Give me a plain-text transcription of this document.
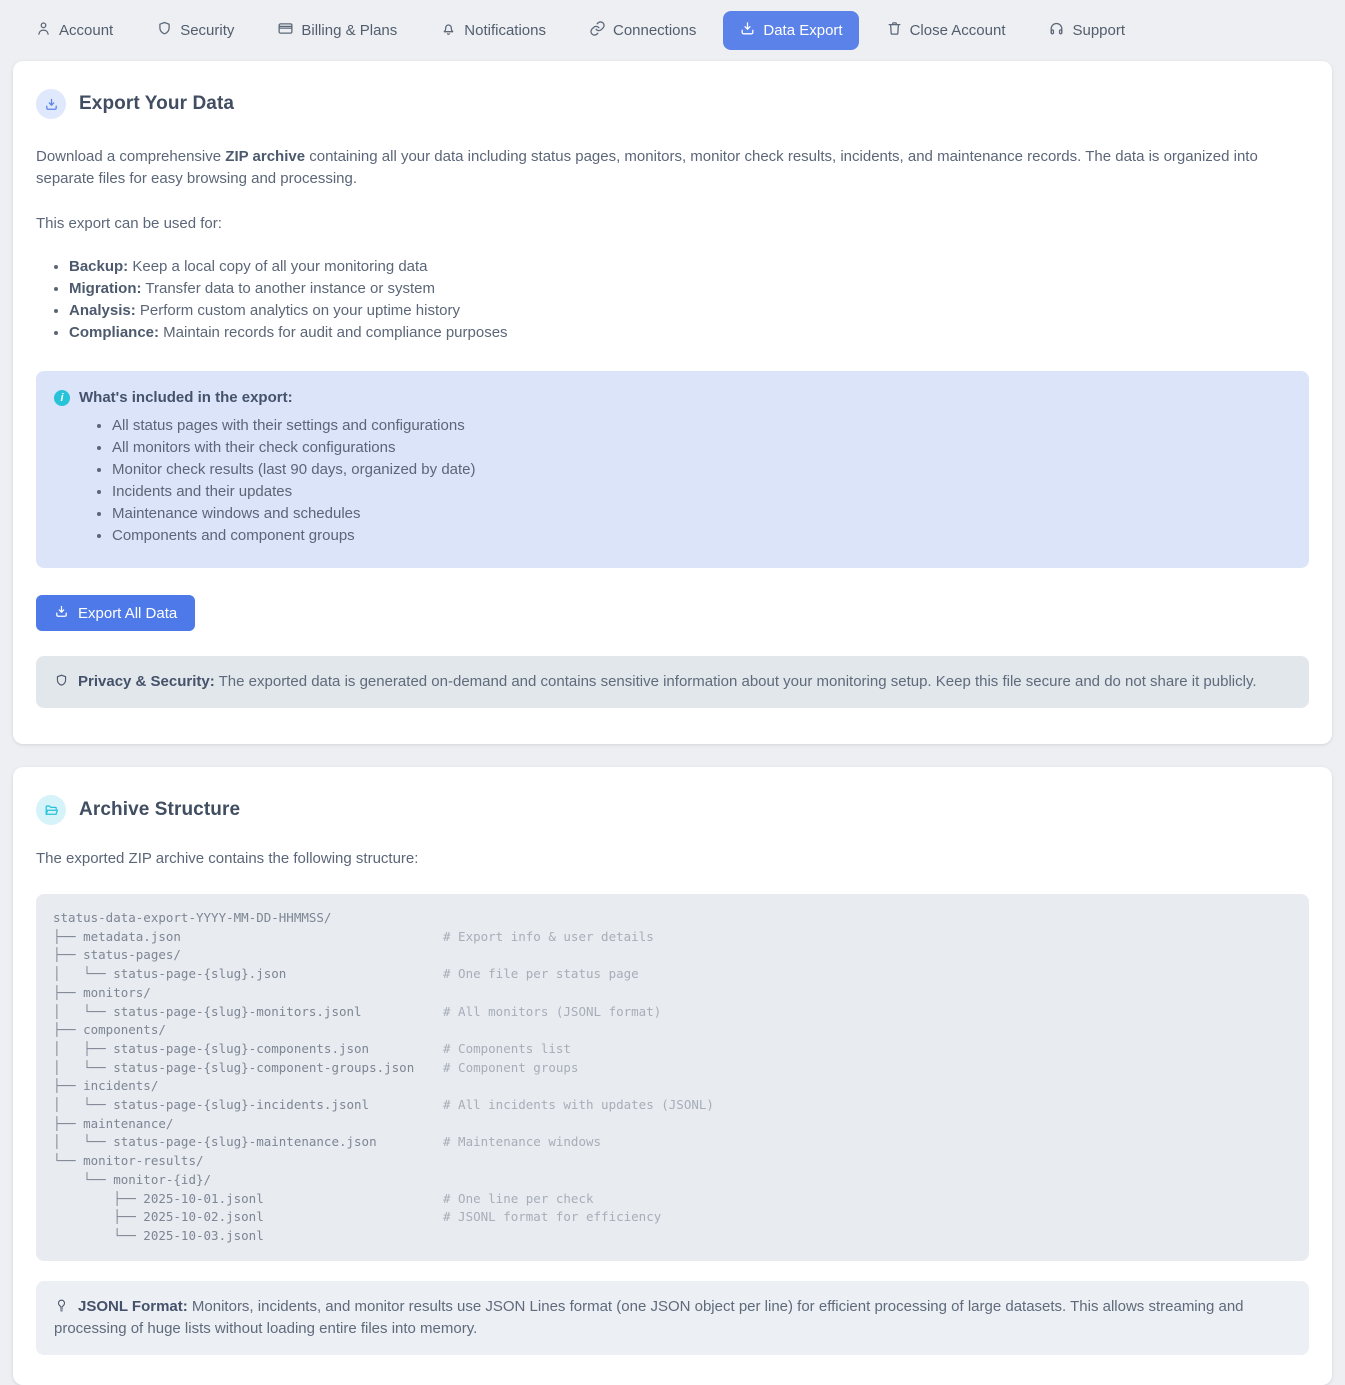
Account	Security	Billing & Plans	Notifications	Connections	Data Export	Close Account	Support
Export Your Data

Download a comprehensive ZIP archive containing all your data including status pages, monitors, monitor check results, incidents, and maintenance records. The data is organized into separate files for easy browsing and processing.

This export can be used for:

• Backup: Keep a local copy of all your monitoring data
• Migration: Transfer data to another instance or system
• Analysis: Perform custom analytics on your uptime history
• Compliance: Maintain records for audit and compliance purposes
i	What's included in the export:
• All status pages with their settings and configurations
• All monitors with their check configurations
• Monitor check results (last 90 days, organized by date)
• Incidents and their updates
• Maintenance windows and schedules
• Components and component groups
Export All Data
Privacy & Security: The exported data is generated on-demand and contains sensitive information about your monitoring setup. Keep this file secure and do not share it publicly.
Archive Structure

The exported ZIP archive contains the following structure:

status-data-export-YYYY-MM-DD-HHMMSS/
├── metadata.json	# Export info & user details
├── status-pages/
│   └── status-page-{slug}.json	# One file per status page
├── monitors/
│   └── status-page-{slug}-monitors.jsonl	# All monitors (JSONL format)
├── components/
│   ├── status-page-{slug}-components.json	# Components list
│   └── status-page-{slug}-component-groups.json # Component groups
├── incidents/
│   └── status-page-{slug}-incidents.jsonl	# All incidents with updates (JSONL)
├── maintenance/
│   └── status-page-{slug}-maintenance.json	# Maintenance windows
└── monitor-results/
└── monitor-{id}/
├── 2025-10-01.jsonl	# One line per check
├── 2025-10-02.jsonl	# JSONL format for efficiency
└── 2025-10-03.jsonl
JSONL Format: Monitors, incidents, and monitor results use JSON Lines format (one JSON object per line) for efficient processing of large datasets. This allows streaming and processing of huge lists without loading entire files into memory.
